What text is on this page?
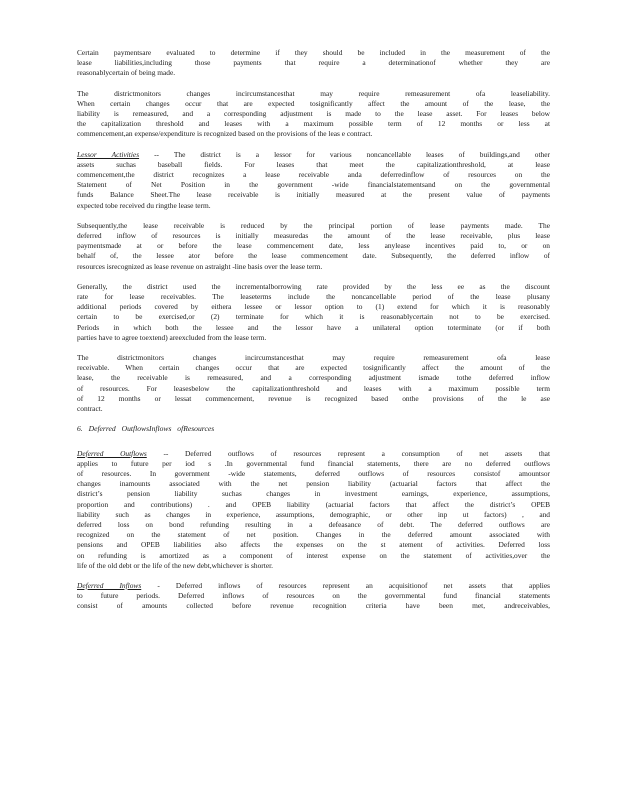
Certain paymentsare evaluated to determine if they should be included in the measurement of the
lease liabilities,including those payments that require a determinationof whether they are
reasonablycertain of being made.

The districtmonitors changes incircumstancesthat may require remeasurement ofa leaseliability.
When certain changes occur that are expected tosignificantly affect the amount of the lease, the
liability is remeasured, and a corresponding adjustment is made to the lease asset. For leases below
the capitalization threshold and leases with a maximum possible term of 12 months or less at
commencement,an expense/expenditure is recognized based on the provisions of the leas e contract.

Lessor Activities -- The district is a lessor for various noncancellable leases of buildings,and other
assets suchas baseball fields. For leases that meet the capitalizationthreshold, at lease
commencement,the district recognizes a lease receivable anda deferredinflow of resources on the
Statement of Net Position in the government -wide financialstatementsand on the governmental
funds Balance Sheet.The lease receivable is initially measured at the present value of payments
expected tobe received du ringthe lease term.

Subsequently,the lease receivable is reduced by the principal portion of lease payments made. The
deferred inflow of resources is initially measuredas the amount of the lease receivable, plus lease
paymentsmade at or before the lease commencement date, less anylease incentives paid to, or on
behalf of, the lessee ator before the lease commencement date. Subsequently, the deferred inflow of
resources isrecognized as lease revenue on astraight -line basis over the lease term.

Generally, the district used the incrementalborrowing rate provided by the less ee as the discount
rate for lease receivables. The leaseterms include the noncancellable period of the lease plusany
additional periods covered by eithera lessee or lessor option to (1) extend for which it is reasonably
certain to be exercised,or (2) terminate for which it is reasonablycertain not to be exercised.
Periods in which both the lessee and the lessor have a unilateral option toterminate (or if both
parties have to agree toextend) areexcluded from the lease term.

The districtmonitors changes incircumstancesthat may require remeasurement ofa lease
receivable. When certain changes occur that are expected tosignificantly affect the amount of the
lease, the receivable is remeasured, and a corresponding adjustment ismade tothe deferred inflow
of resources. For leasesbelow the capitalizationthreshold and leases with a maximum possible term
of 12 months or lessat commencement, revenue is recognized based onthe provisions of the le ase
contract.

6. Deferred OutflowsInflows ofResources

Deferred Outflows -- Deferred outflows of resources represent a consumption of net assets that
applies to future per iod s .In governmental fund financial statements, there are no deferred outflows
of resources. In government -wide statements, deferred outflows of resources consistof amountsor
changes inamounts associated with the net pension liability (actuarial factors that affect the
district’s pension liability suchas changes in investment earnings, experience, assumptions,
proportion and contributions) . and OPEB liability (actuarial factors that affect the district’s OPEB
liability such as changes in experience, assumptions, demographic, or other inp ut factors) , and
deferred loss on bond refunding resulting in a defeasance of debt. The deferred outflows are
recognized on the statement of net position. Changes in the deferred amount associated with
pensions and OPEB liabilities also affects the expenses on the st atement of activities. Deferred loss
on refunding is amortized as a component of interest expense on the statement of activities,over the
life of the old debt or the life of the new debt,whichever is shorter.

Deferred Inflows - Deferred inflows of resources represent an acquisitionof net assets that applies
to future periods. Deferred inflows of resources on the governmental fund financial statements
consist of amounts collected before revenue recognition criteria have been met, andreceivables,
